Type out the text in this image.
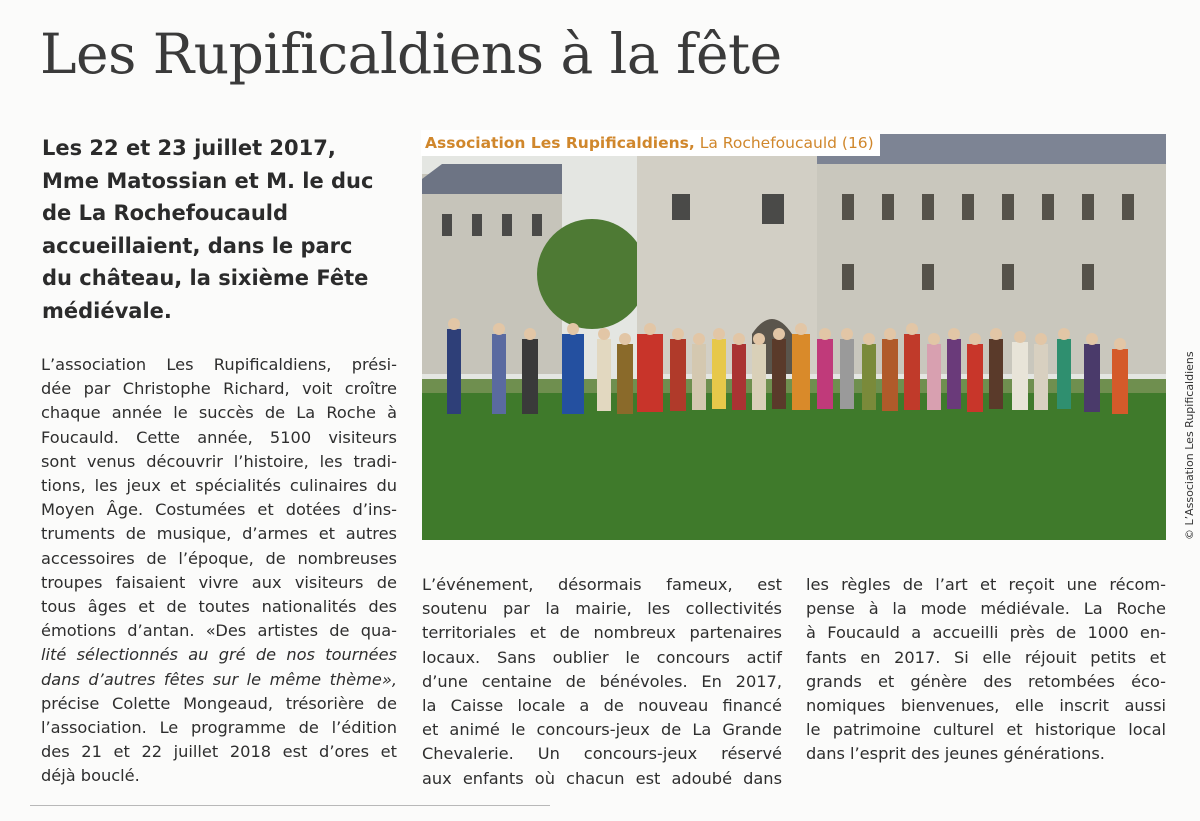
Les Rupificaldiens à la fête
Les 22 et 23 juillet 2017,
Mme Matossian et M. le duc
de La Rochefoucauld
accueillaient, dans le parc
du château, la sixième Fête
médiévale.
L’association Les Rupificaldiens, prési-
dée par Christophe Richard, voit croître
chaque année le succès de La Roche à
Foucauld. Cette année, 5100 visiteurs
sont venus découvrir l’histoire, les tradi-
tions, les jeux et spécialités culinaires du
Moyen Âge. Costumées et dotées d’ins-
truments de musique, d’armes et autres
accessoires de l’époque, de nombreuses
troupes faisaient vivre aux visiteurs de
tous âges et de toutes nationalités des
émotions d’antan. «Des artistes de qua-
lité sélectionnés au gré de nos tournées
dans d’autres fêtes sur le même thème»,
précise Colette Mongeaud, trésorière de
l’association. Le programme de l’édition
des 21 et 22 juillet 2018 est d’ores et
déjà bouclé.
Association Les Rupificaldiens, La Rochefoucauld (16)
© L’Association Les Rupificaldiens
L’événement, désormais fameux, est
soutenu par la mairie, les collectivités
territoriales et de nombreux partenaires
locaux. Sans oublier le concours actif
d’une centaine de bénévoles. En 2017,
la Caisse locale a de nouveau financé
et animé le concours-jeux de La Grande
Chevalerie. Un concours-jeux réservé
aux enfants où chacun est adoubé dans
les règles de l’art et reçoit une récom-
pense à la mode médiévale. La Roche
à Foucauld a accueilli près de 1000 en-
fants en 2017. Si elle réjouit petits et
grands et génère des retombées éco-
nomiques bienvenues, elle inscrit aussi
le patrimoine culturel et historique local
dans l’esprit des jeunes générations.
